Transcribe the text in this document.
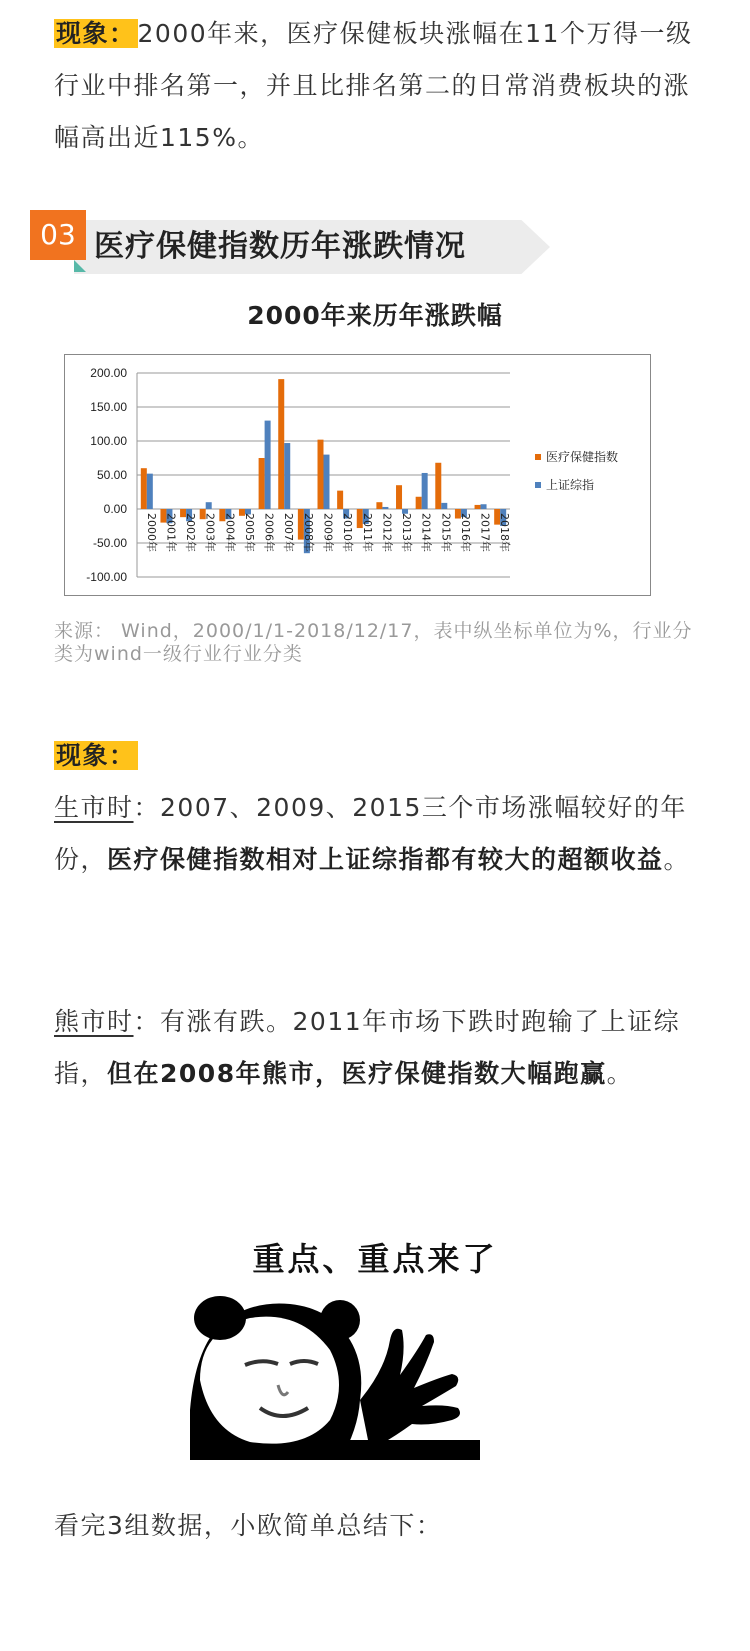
现象：2000年来，医疗保健板块涨幅在11个万得一级行业中排名第一，并且比排名第二的日常消费板块的涨幅高出近115%。

03 医疗保健指数历年涨跌情况
2000年来历年涨跌幅
200.00
150.00
100.00
50.00
0.00
-50.00
-100.00
2000年 2001年 2002年 2003年 2004年 2005年 2006年 2007年 2008年 2009年 2010年 2011年 2012年 2013年 2014年 2015年 2016年 2017年 2018年
医疗保健指数
上证综指

来源： Wind，2000/1/1-2018/12/17，表中纵坐标单位为%，行业分类为wind一级行业行业分类

现象：

生市时：2007、2009、2015三个市场涨幅较好的年份，医疗保健指数相对上证综指都有较大的超额收益。

熊市时：有涨有跌。2011年市场下跌时跑输了上证综指，但在2008年熊市，医疗保健指数大幅跑赢。

重点、重点来了

看完3组数据，小欧简单总结下：
